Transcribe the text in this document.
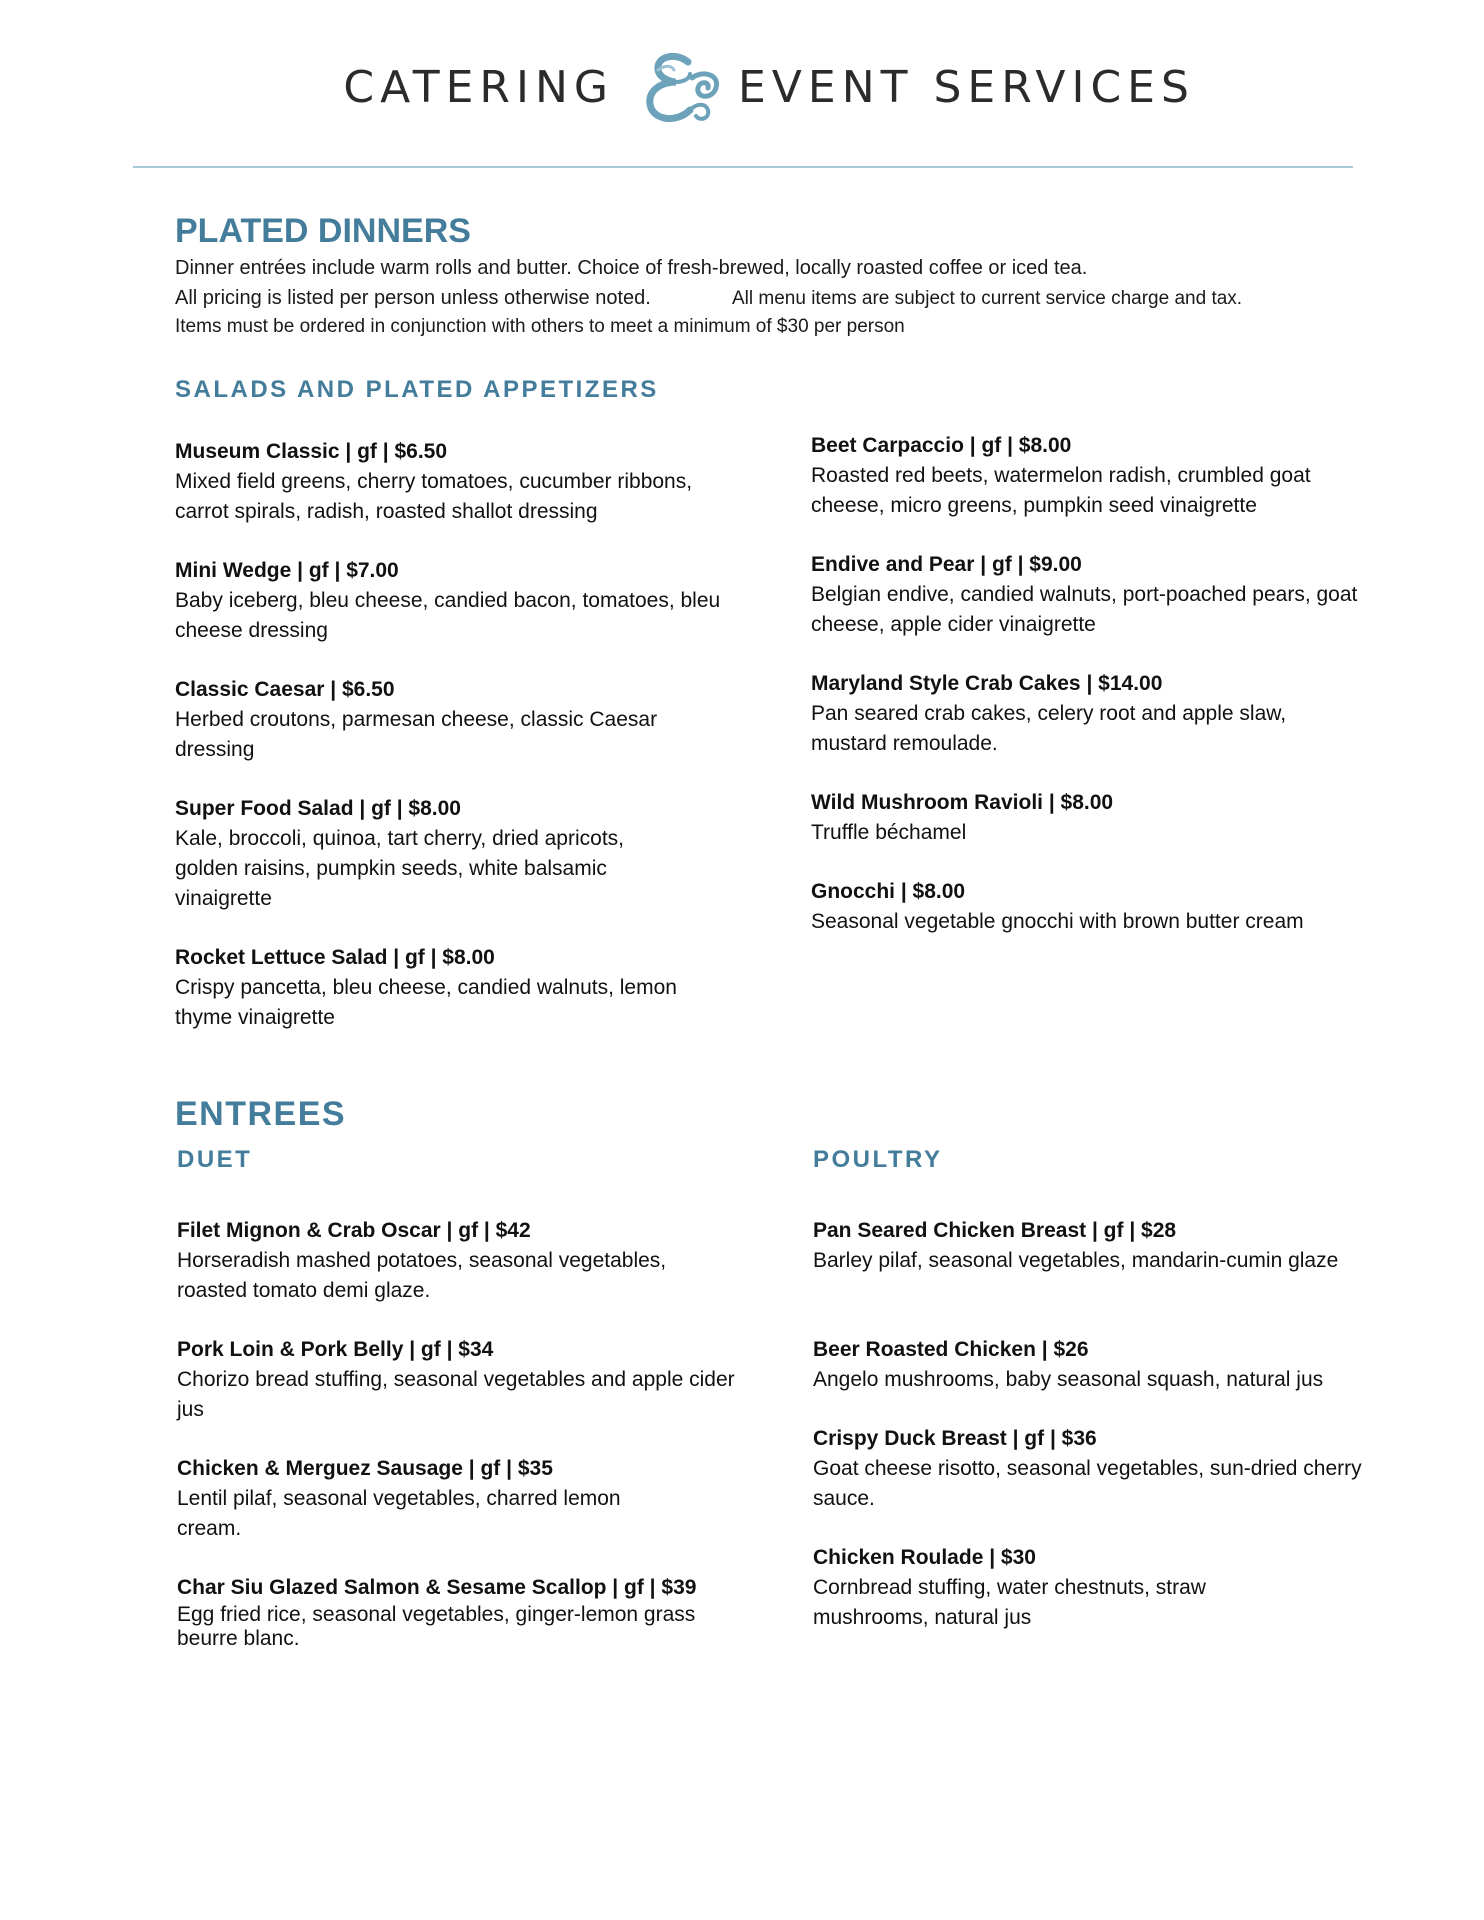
CATERING	EVENT SERVICES
PLATED DINNERS
Dinner entrées include warm rolls and butter. Choice of fresh-brewed, locally roasted coffee or iced tea.
All pricing is listed per person unless otherwise noted.	All menu items are subject to current service charge and tax.
Items must be ordered in conjunction with others to meet a minimum of $30 per person
SALADS AND PLATED APPETIZERS
Museum Classic | gf | $6.50
Mixed field greens, cherry tomatoes, cucumber ribbons, carrot spirals, radish, roasted shallot dressing
Mini Wedge | gf | $7.00
Baby iceberg, bleu cheese, candied bacon, tomatoes, bleu cheese dressing
Classic Caesar | $6.50
Herbed croutons, parmesan cheese, classic Caesar dressing
Super Food Salad | gf | $8.00
Kale, broccoli, quinoa, tart cherry, dried apricots, golden raisins, pumpkin seeds, white balsamic vinaigrette
Rocket Lettuce Salad | gf | $8.00
Crispy pancetta, bleu cheese, candied walnuts, lemon thyme vinaigrette
Beet Carpaccio | gf | $8.00
Roasted red beets, watermelon radish, crumbled goat cheese, micro greens, pumpkin seed vinaigrette
Endive and Pear | gf | $9.00
Belgian endive, candied walnuts, port-poached pears, goat cheese, apple cider vinaigrette
Maryland Style Crab Cakes | $14.00
Pan seared crab cakes, celery root and apple slaw, mustard remoulade.
Wild Mushroom Ravioli | $8.00
Truffle béchamel
Gnocchi | $8.00
Seasonal vegetable gnocchi with brown butter cream
ENTREES
DUET	POULTRY
Filet Mignon & Crab Oscar | gf | $42
Horseradish mashed potatoes, seasonal vegetables, roasted tomato demi glaze.
Pork Loin & Pork Belly | gf | $34
Chorizo bread stuffing, seasonal vegetables and apple cider jus
Chicken & Merguez Sausage | gf | $35
Lentil pilaf, seasonal vegetables, charred lemon cream.
Char Siu Glazed Salmon & Sesame Scallop | gf | $39
Egg fried rice, seasonal vegetables, ginger-lemon grass beurre blanc.
Pan Seared Chicken Breast | gf | $28
Barley pilaf, seasonal vegetables, mandarin-cumin glaze
Beer Roasted Chicken | $26
Angelo mushrooms, baby seasonal squash, natural jus
Crispy Duck Breast | gf | $36
Goat cheese risotto, seasonal vegetables, sun-dried cherry sauce.
Chicken Roulade | $30
Cornbread stuffing, water chestnuts, straw mushrooms, natural jus
